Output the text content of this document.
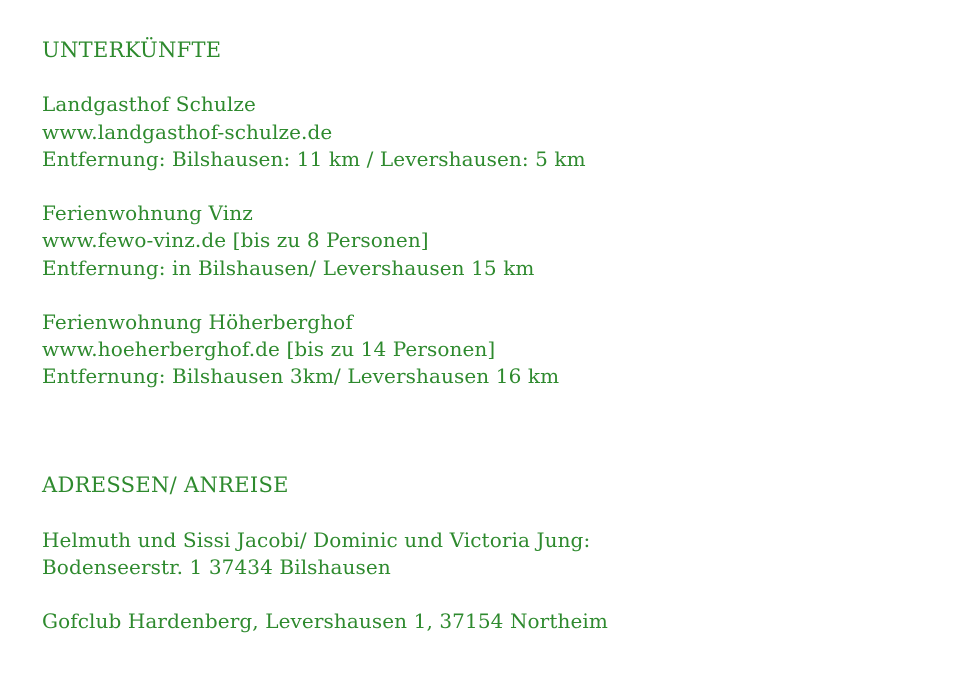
UNTERKÜNFTE
Landgasthof Schulze
www.landgasthof-schulze.de
Entfernung: Bilshausen: 11 km / Levershausen: 5 km
Ferienwohnung Vinz
www.fewo-vinz.de [bis zu 8 Personen]
Entfernung: in Bilshausen/ Levershausen 15 km
Ferienwohnung Höherberghof
www.hoeherberghof.de [bis zu 14 Personen]
Entfernung: Bilshausen 3km/ Levershausen 16 km
ADRESSEN/ ANREISE
Helmuth und Sissi Jacobi/ Dominic und Victoria Jung:
Bodenseerstr. 1 37434 Bilshausen
Gofclub Hardenberg, Levershausen 1, 37154 Northeim
